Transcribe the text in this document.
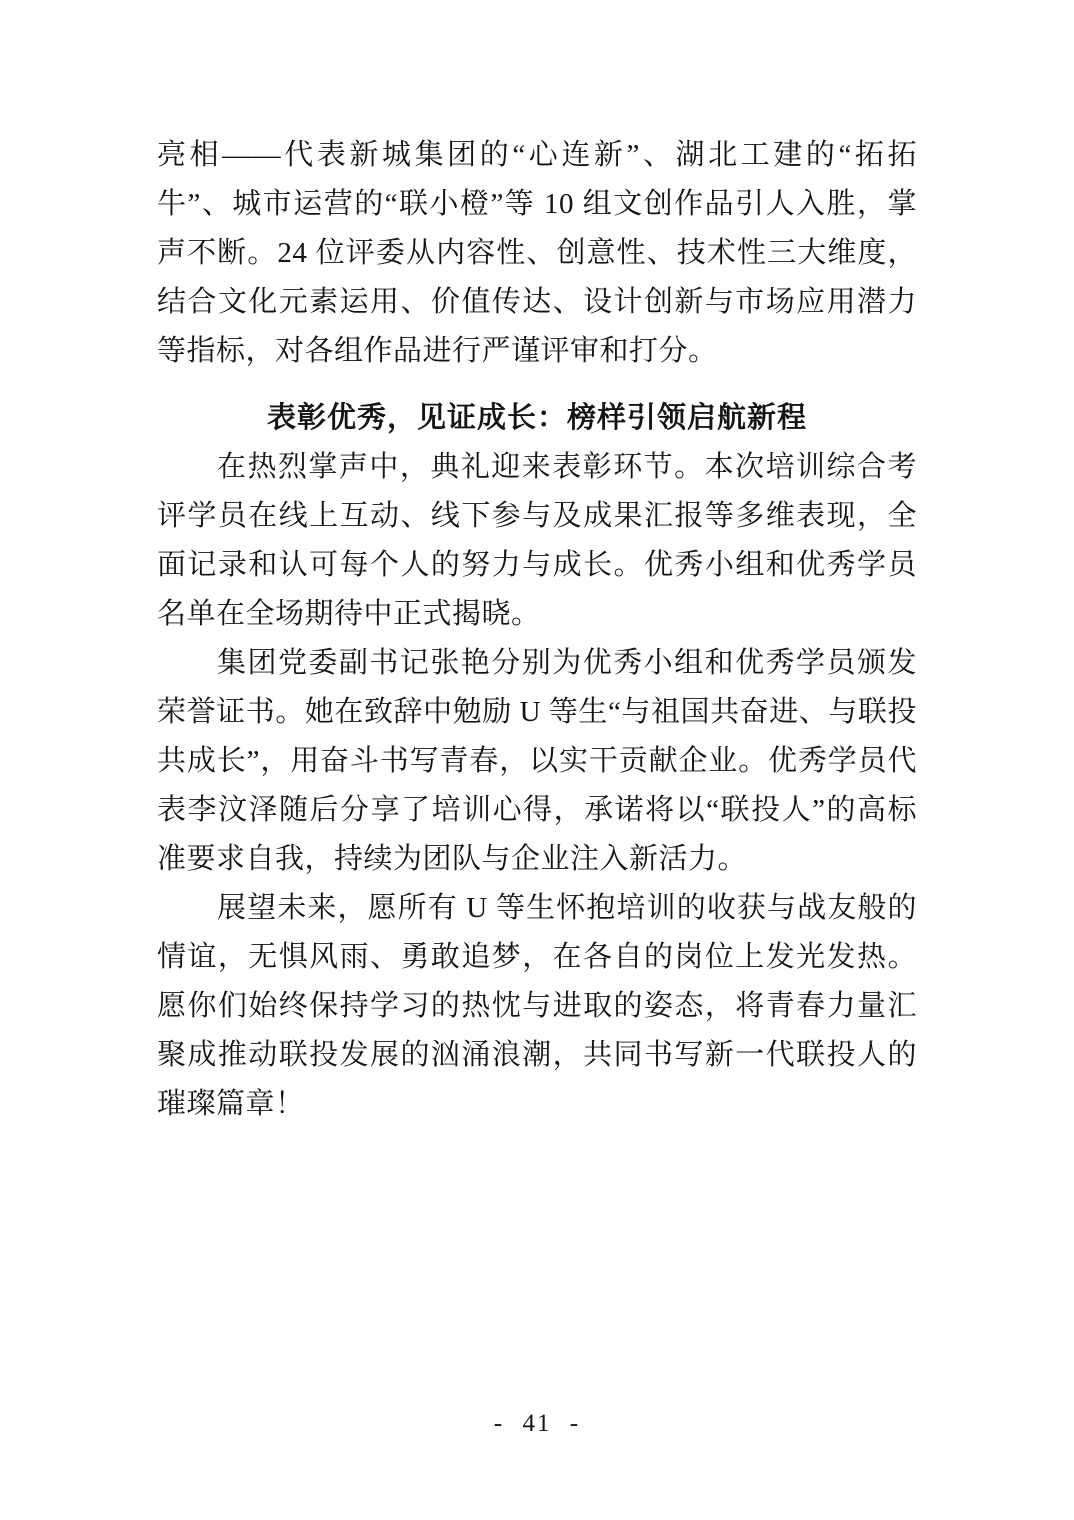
亮相——代表新城集团的“心连新”、湖北工建的“拓拓牛”、城市运营的“联小橙”等 10 组文创作品引人入胜，掌声不断。24 位评委从内容性、创意性、技术性三大维度，结合文化元素运用、价值传达、设计创新与市场应用潜力等指标，对各组作品进行严谨评审和打分。

表彰优秀，见证成长：榜样引领启航新程

在热烈掌声中，典礼迎来表彰环节。本次培训综合考评学员在线上互动、线下参与及成果汇报等多维表现，全面记录和认可每个人的努力与成长。优秀小组和优秀学员名单在全场期待中正式揭晓。

集团党委副书记张艳分别为优秀小组和优秀学员颁发荣誉证书。她在致辞中勉励 U 等生“与祖国共奋进、与联投共成长”，用奋斗书写青春，以实干贡献企业。优秀学员代表李汶泽随后分享了培训心得，承诺将以“联投人”的高标准要求自我，持续为团队与企业注入新活力。

展望未来，愿所有 U 等生怀抱培训的收获与战友般的情谊，无惧风雨、勇敢追梦，在各自的岗位上发光发热。愿你们始终保持学习的热忱与进取的姿态，将青春力量汇聚成推动联投发展的汹涌浪潮，共同书写新一代联投人的璀璨篇章！

- 41 -
